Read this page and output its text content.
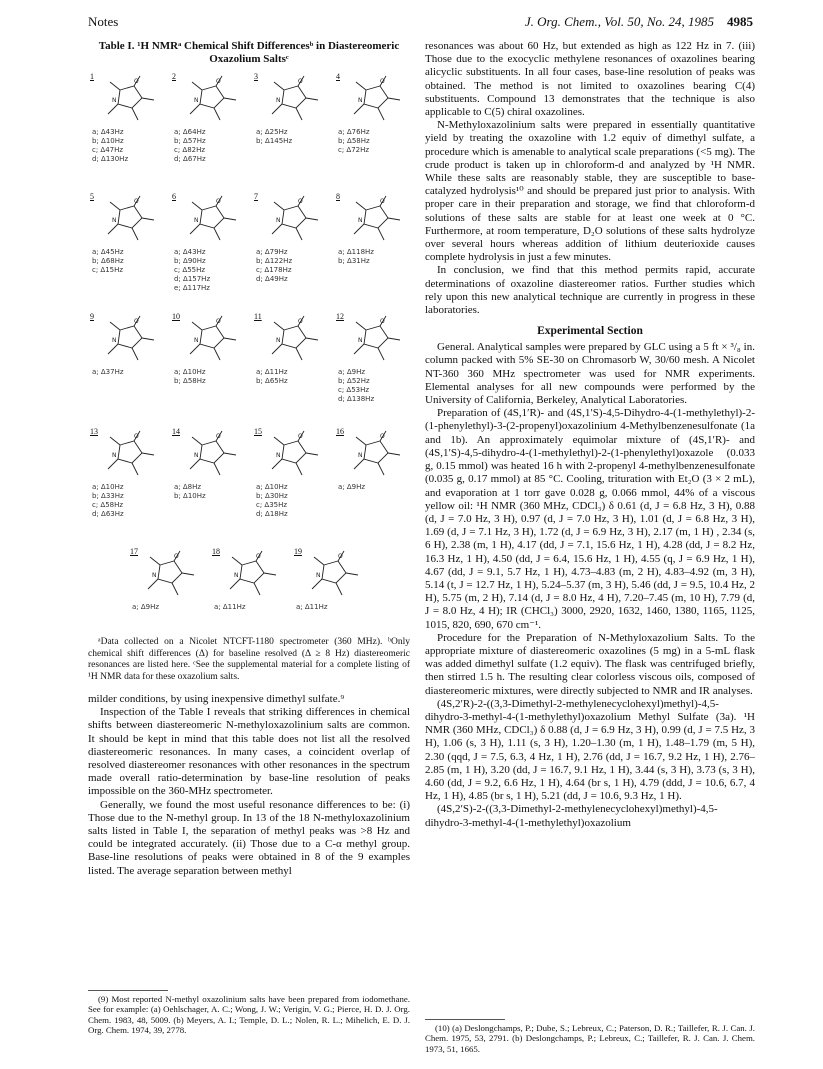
Notes	J. Org. Chem., Vol. 50, No. 24, 1985 4985
Table I. ¹H NMRᵃ Chemical Shift Differencesᵇ in Diastereomeric Oxazolium Saltsᶜ
1
N
O
a; Δ43Hz
b; Δ10Hz
c; Δ47Hz
d; Δ130Hz
2
N
O
a; Δ64Hz
b; Δ57Hz
c; Δ82Hz
d; Δ67Hz
3
N
O
a; Δ25Hz
b; Δ145Hz
4
N
O
a; Δ76Hz
b; Δ58Hz
c; Δ72Hz
5
N
O
a; Δ45Hz
b; Δ68Hz
c; Δ15Hz
6
N
O
a; Δ43Hz
b; Δ90Hz
c; Δ55Hz
d; Δ157Hz
e; Δ117Hz
7
N
O
a; Δ79Hz
b; Δ122Hz
c; Δ178Hz
d; Δ49Hz
8
N
O
a; Δ118Hz
b; Δ31Hz
9
N
O
a; Δ37Hz
10
N
O
a; Δ10Hz
b; Δ58Hz
11
N
O
a; Δ11Hz
b; Δ65Hz
12
N
O
a; Δ9Hz
b; Δ52Hz
c; Δ53Hz
d; Δ138Hz
13
N
O
a; Δ10Hz
b; Δ33Hz
c; Δ58Hz
d; Δ63Hz
14
N
O
a; Δ8Hz
b; Δ10Hz
15
N
O
a; Δ10Hz
b; Δ30Hz
c; Δ35Hz
d; Δ18Hz
16
N
O
a; Δ9Hz
17
N
O
a; Δ9Hz
18
N
O
a; Δ11Hz
19
N
O
a; Δ11Hz

ᵃData collected on a Nicolet NTCFT-1180 spectrometer (360 MHz). ᵇOnly chemical shift differences (Δ) for baseline resolved (Δ ≥ 8 Hz) diastereomeric resonances are listed here. ᶜSee the supplemental material for a complete listing of ¹H NMR data for these oxazolium salts.

milder conditions, by using inexpensive dimethyl sulfate.⁹

Inspection of the Table I reveals that striking differences in chemical shifts between diastereomeric N-methyloxazolinium salts are common. It should be kept in mind that this table does not list all the resolved diastereomeric resonances. In many cases, a coincident overlap of resolved diastereomer resonances with other resonances in the spectrum made overall ratio-determination by base-line resolution of peaks impossible on the 360-MHz spectrometer.

Generally, we found the most useful resonance differences to be: (i) Those due to the N-methyl group. In 13 of the 18 N-methyloxazolinium salts listed in Table I, the separation of methyl peaks was >8 Hz and could be integrated accurately. (ii) Those due to a C-α methyl group. Base-line resolutions of peaks were obtained in 8 of the 9 examples listed. The average separation between methyl

(9) Most reported N-methyl oxazolinium salts have been prepared from iodomethane. See for example: (a) Oehlschager, A. C.; Wong, J. W.; Verigin, V. G.; Pierce, H. D. J. Org. Chem. 1983, 48, 5009. (b) Meyers, A. I.; Temple, D. L.; Nolen, R. L.; Mihelich, E. D. J. Org. Chem. 1974, 39, 2778.

resonances was about 60 Hz, but extended as high as 122 Hz in 7. (iii) Those due to the exocyclic methylene resonances of oxazolines bearing alicyclic substituents. In all four cases, base-line resolution of peaks was obtained. The method is not limited to oxazolines bearing C(4) substituents. Compound 13 demonstrates that the technique is also applicable to C(5) chiral oxazolines.

N-Methyloxazolinium salts were prepared in essentially quantitative yield by treating the oxazoline with 1.2 equiv of dimethyl sulfate, a procedure which is amenable to analytical scale preparations (<5 mg). The crude product is taken up in chloroform-d and analyzed by ¹H NMR. While these salts are reasonably stable, they are susceptible to base-catalyzed hydrolysis¹⁰ and should be prepared just prior to analysis. With proper care in their preparation and storage, we find that chloroform-d solutions of these salts are stable for at least one week at 0 °C. Furthermore, at room temperature, D₂O solutions of these salts hydrolyze over several hours whereas addition of lithium deuterioxide causes complete hydrolysis in just a few minutes.

In conclusion, we find that this method permits rapid, accurate determinations of oxazoline diastereomer ratios. Further studies which rely upon this new analytical technique are currently in progress in these laboratories.

Experimental Section

General. Analytical samples were prepared by GLC using a 5 ft × ³/₈ in. column packed with 5% SE-30 on Chromasorb W, 30/60 mesh. A Nicolet NT-360 360 MHz spectrometer was used for NMR experiments. Elemental analyses for all new compounds were performed by the University of California, Berkeley, Analytical Laboratories.

Preparation of (4S,1′R)- and (4S,1′S)-4,5-Dihydro-4-(1-methylethyl)-2-(1-phenylethyl)-3-(2-propenyl)oxazolinium 4-Methylbenzenesulfonate (1a and 1b). An approximately equimolar mixture of (4S,1′R)- and (4S,1′S)-4,5-dihydro-4-(1-methylethyl)-2-(1-phenylethyl)oxazole (0.033 g, 0.15 mmol) was heated 16 h with 2-propenyl 4-methylbenzenesulfonate (0.035 g, 0.17 mmol) at 85 °C. Cooling, trituration with Et₂O (3 × 2 mL), and evaporation at 1 torr gave 0.028 g, 0.066 mmol, 44% of a viscous yellow oil: ¹H NMR (360 MHz, CDCl₃) δ 0.61 (d, J = 6.8 Hz, 3 H), 0.88 (d, J = 7.0 Hz, 3 H), 0.97 (d, J = 7.0 Hz, 3 H), 1.01 (d, J = 6.8 Hz, 3 H), 1.69 (d, J = 7.1 Hz, 3 H), 1.72 (d, J = 6.9 Hz, 3 H), 2.17 (m, 1 H) , 2.34 (s, 6 H), 2.38 (m, 1 H), 4.17 (dd, J = 7.1, 15.6 Hz, 1 H), 4.28 (dd, J = 8.2 Hz, 16.3 Hz, 1 H), 4.50 (dd, J = 6.4, 15.6 Hz, 1 H), 4.55 (q, J = 6.9 Hz, 1 H), 4.67 (dd, J = 9.1, 5.7 Hz, 1 H), 4.73–4.83 (m, 2 H), 4.83–4.92 (m, 3 H), 5.14 (t, J = 12.7 Hz, 1 H), 5.24–5.37 (m, 3 H), 5.46 (dd, J = 9.5, 10.4 Hz, 2 H), 5.75 (m, 2 H), 7.14 (d, J = 8.0 Hz, 4 H), 7.20–7.45 (m, 10 H), 7.79 (d, J = 8.0 Hz, 4 H); IR (CHCl₃) 3000, 2920, 1632, 1460, 1380, 1165, 1125, 1015, 820, 690, 670 cm⁻¹.

Procedure for the Preparation of N-Methyloxazolium Salts. To the appropriate mixture of diastereomeric oxazolines (5 mg) in a 5-mL flask was added dimethyl sulfate (1.2 equiv). The flask was centrifuged briefly, then stirred 1.5 h. The resulting clear colorless viscous oils, composed of diastereomeric mixtures, were directly subjected to NMR and IR analyses.

(4S,2′R)-2-((3,3-Dimethyl-2-methylenecyclohexyl)methyl)-4,5-dihydro-3-methyl-4-(1-methylethyl)oxazolium Methyl Sulfate (3a). ¹H NMR (360 MHz, CDCl₃) δ 0.88 (d, J = 6.9 Hz, 3 H), 0.99 (d, J = 7.5 Hz, 3 H), 1.06 (s, 3 H), 1.11 (s, 3 H), 1.20–1.30 (m, 1 H), 1.48–1.79 (m, 5 H), 2.30 (qqd, J = 7.5, 6.3, 4 Hz, 1 H), 2.76 (dd, J = 16.7, 9.2 Hz, 1 H), 2.76–2.85 (m, 1 H), 3.20 (dd, J = 16.7, 9.1 Hz, 1 H), 3.44 (s, 3 H), 3.73 (s, 3 H), 4.60 (dd, J = 9.2, 6.6 Hz, 1 H), 4.64 (br s, 1 H), 4.79 (ddd, J = 10.6, 6.7, 4 Hz, 1 H), 4.85 (br s, 1 H), 5.21 (dd, J = 10.6, 9.3 Hz, 1 H).

(4S,2′S)-2-((3,3-Dimethyl-2-methylenecyclohexyl)methyl)-4,5-dihydro-3-methyl-4-(1-methylethyl)oxazolium

(10) (a) Deslongchamps, P.; Dube, S.; Lebreux, C.; Paterson, D. R.; Taillefer, R. J. Can. J. Chem. 1975, 53, 2791. (b) Deslongchamps, P.; Lebreux, C.; Taillefer, R. J. Can. J. Chem. 1973, 51, 1665.
